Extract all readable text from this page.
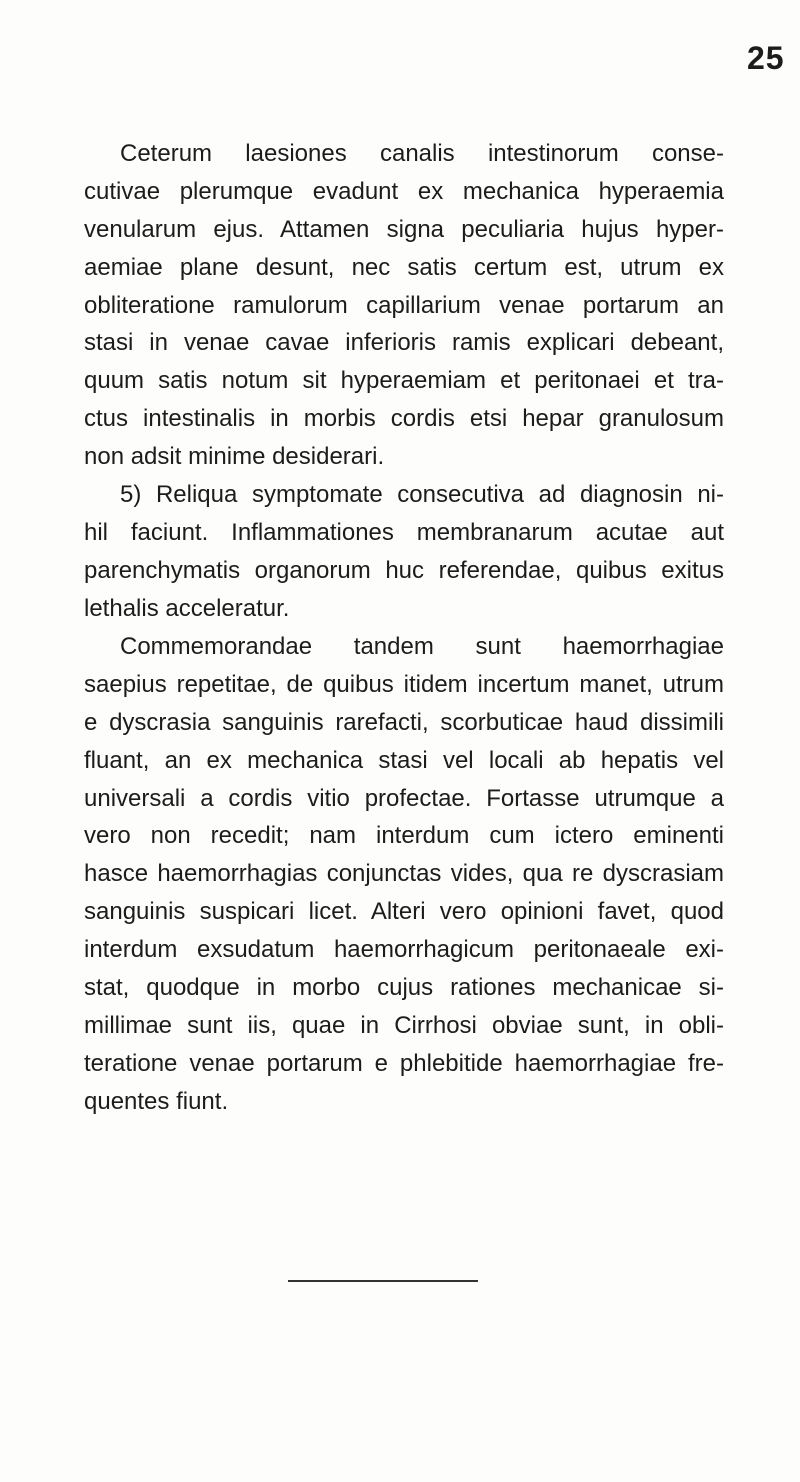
25
Ceterum laesiones canalis intestinorum conse-
cutivae plerumque evadunt ex mechanica hyperaemia
venularum ejus. Attamen signa peculiaria hujus hyper-
aemiae plane desunt, nec satis certum est, utrum ex
obliteratione ramulorum capillarium venae portarum an
stasi in venae cavae inferioris ramis explicari debeant,
quum satis notum sit hyperaemiam et peritonaei et tra-
ctus intestinalis in morbis cordis etsi hepar granulosum
non adsit minime desiderari.
5) Reliqua symptomate consecutiva ad diagnosin ni-
hil faciunt. Inflammationes membranarum acutae aut
parenchymatis organorum huc referendae, quibus exitus
lethalis acceleratur.
Commemorandae tandem sunt haemorrhagiae
saepius repetitae, de quibus itidem incertum manet, utrum
e dyscrasia sanguinis rarefacti, scorbuticae haud dissimili
fluant, an ex mechanica stasi vel locali ab hepatis vel
universali a cordis vitio profectae. Fortasse utrumque a
vero non recedit; nam interdum cum ictero eminenti
hasce haemorrhagias conjunctas vides, qua re dyscrasiam
sanguinis suspicari licet. Alteri vero opinioni favet, quod
interdum exsudatum haemorrhagicum peritonaeale exi-
stat, quodque in morbo cujus rationes mechanicae si-
millimae sunt iis, quae in Cirrhosi obviae sunt, in obli-
teratione venae portarum e phlebitide haemorrhagiae fre-
quentes fiunt.
